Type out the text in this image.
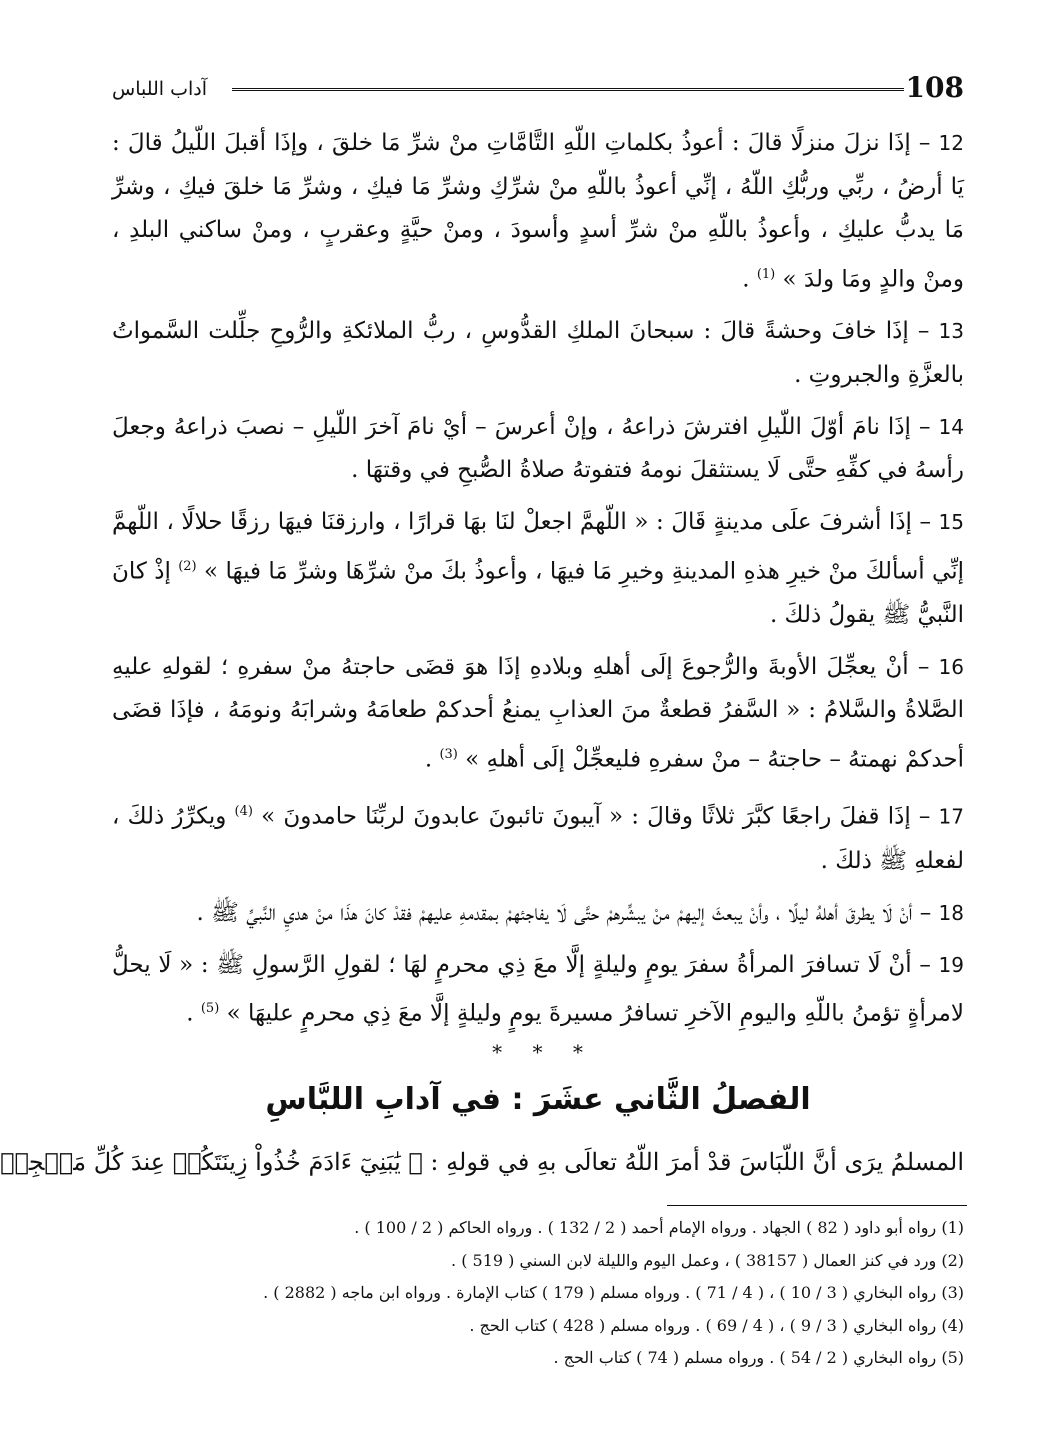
108
آداب اللباس

12 – إذَا نزلَ منزلًا قالَ : أعوذُ بكلماتِ اللّهِ التَّامَّاتِ منْ شرِّ مَا خلقَ ، وإذَا أقبلَ اللّيلُ قالَ : يَا أرضُ ، ربِّي وربُّكِ اللّهُ ، إنِّي أعوذُ باللّهِ منْ شرِّكِ وشرِّ مَا فيكِ ، وشرِّ مَا خلقَ فيكِ ، وشرِّ مَا يدبُّ عليكِ ، وأعوذُ باللّهِ منْ شرِّ أسدٍ وأسودَ ، ومنْ حيَّةٍ وعقربٍ ، ومنْ ساكني البلدِ ، ومنْ والدٍ ومَا ولدَ » $^{(1)}$ .

13 – إذَا خافَ وحشةً قالَ : سبحانَ الملكِ القدُّوسِ ، ربُّ الملائكةِ والرُّوحِ جلِّلت السَّمواتُ بالعزَّةِ والجبروتِ .

14 – إذَا نامَ أوّلَ اللّيلِ افترشَ ذراعهُ ، وإنْ أعرسَ – أيْ نامَ آخرَ اللّيلِ – نصبَ ذراعهُ وجعلَ رأسهُ في كفِّهِ حتَّى لَا يستثقلَ نومهُ فتفوتهُ صلاةُ الصُّبحِ في وقتهَا .

15 – إذَا أشرفَ علَى مدينةٍ قَالَ : « اللّهمَّ اجعلْ لنَا بهَا قرارًا ، وارزقنَا فيهَا رزقًا حلالًا ، اللّهمَّ إنِّي أسألكَ منْ خيرِ هذهِ المدينةِ وخيرِ مَا فيهَا ، وأعوذُ بكَ منْ شرِّهَا وشرِّ مَا فيهَا » $^{(2)}$ إذْ كانَ النَّبيُّ ﷺ يقولُ ذلكَ .

16 – أنْ يعجِّلَ الأوبةَ والرُّجوعَ إلَى أهلهِ وبلادهِ إذَا هوَ قضَى حاجتهُ منْ سفرهِ ؛ لقولهِ عليهِ الصَّلاةُ والسَّلامُ : « السَّفرُ قطعةٌ منَ العذابِ يمنعُ أحدكمْ طعامَهُ وشرابَهُ ونومَهُ ، فإذَا قضَى أحدكمْ نهمتهُ – حاجتهُ – منْ سفرهِ فليعجِّلْ إلَى أهلهِ » $^{(3)}$ .

17 – إذَا قفلَ راجعًا كبَّرَ ثلاثًا وقالَ : « آيبونَ تائبونَ عابدونَ لربِّنَا حامدونَ » $^{(4)}$ ويكرِّرُ ذلكَ ، لفعلهِ ﷺ ذلكَ .

18 – أنْ لَا يطرقَ أهلهُ ليلًا ، وأنْ يبعثَ إليهمْ منْ يبشِّرهمْ حتَّى لَا يفاجئهمْ بمقدمهِ عليهمْ فقدْ كانَ هذَا منْ هديِ النَّبيِّ ﷺ .

19 – أنْ لَا تسافرَ المرأةُ سفرَ يومٍ وليلةٍ إلَّا معَ ذِي محرمٍ لهَا ؛ لقولِ الرَّسولِ ﷺ : « لَا يحلُّ لامرأةٍ تؤمنُ باللّهِ واليومِ الآخرِ تسافرُ مسيرةَ يومٍ وليلةٍ إلَّا معَ ذِي محرمٍ عليهَا » $^{(5)}$ .

* * *
الفصلُ الثَّاني عشَرَ : في آدابِ اللبَّاسِ
المسلمُ يرَى أنَّ اللّبَاسَ قدْ أمرَ اللّهُ تعالَى بهِ في قولهِ : ﴿ يَٰبَنِيٓ ءَادَمَ خُذُواْ زِينَتَكُمۡ عِندَ كُلِّ مَسۡجِدٖ
(1) رواه أبو داود ( 82 ) الجهاد . ورواه الإمام أحمد ( 2 / 132 ) . ورواه الحاكم ( 2 / 100 ) .
(2) ورد في كنز العمال ( 38157 ) ، وعمل اليوم والليلة لابن السني ( 519 ) .
(3) رواه البخاري ( 3 / 10 ) ، ( 4 / 71 ) . ورواه مسلم ( 179 ) كتاب الإمارة . ورواه ابن ماجه ( 2882 ) .
(4) رواه البخاري ( 3 / 9 ) ، ( 4 / 69 ) . ورواه مسلم ( 428 ) كتاب الحج .
(5) رواه البخاري ( 2 / 54 ) . ورواه مسلم ( 74 ) كتاب الحج .
